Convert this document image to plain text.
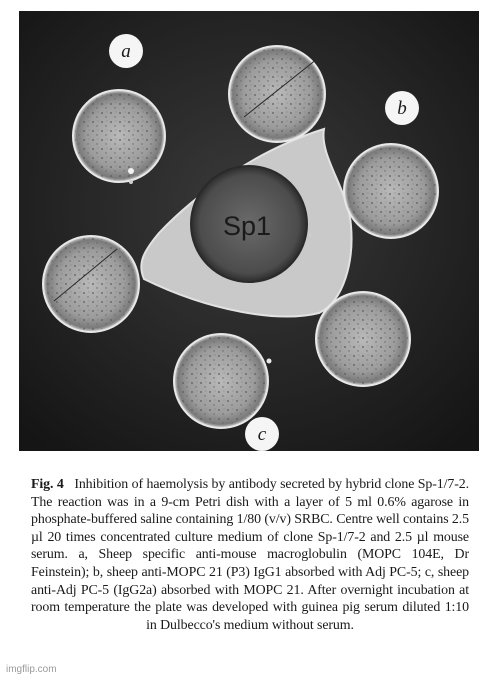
Sp1
a
b
c
Fig. 4 Inhibition of haemolysis by antibody secreted by hybrid clone Sp-1/7-2. The reaction was in a 9-cm Petri dish with a layer of 5 ml 0.6% agarose in phosphate-buffered saline containing 1/80 (v/v) SRBC. Centre well contains 2.5 µl 20 times concentrated culture medium of clone Sp-1/7-2 and 2.5 µl mouse serum. a, Sheep specific anti-mouse macroglobulin (MOPC 104E, Dr Feinstein); b, sheep anti-MOPC 21 (P3) IgG1 absorbed with Adj PC-5; c, sheep anti-Adj PC-5 (IgG2a) absorbed with MOPC 21. After overnight incubation at room temperature the plate was developed with guinea pig serum diluted 1:10 in Dulbecco's medium without serum.
imgflip.com
